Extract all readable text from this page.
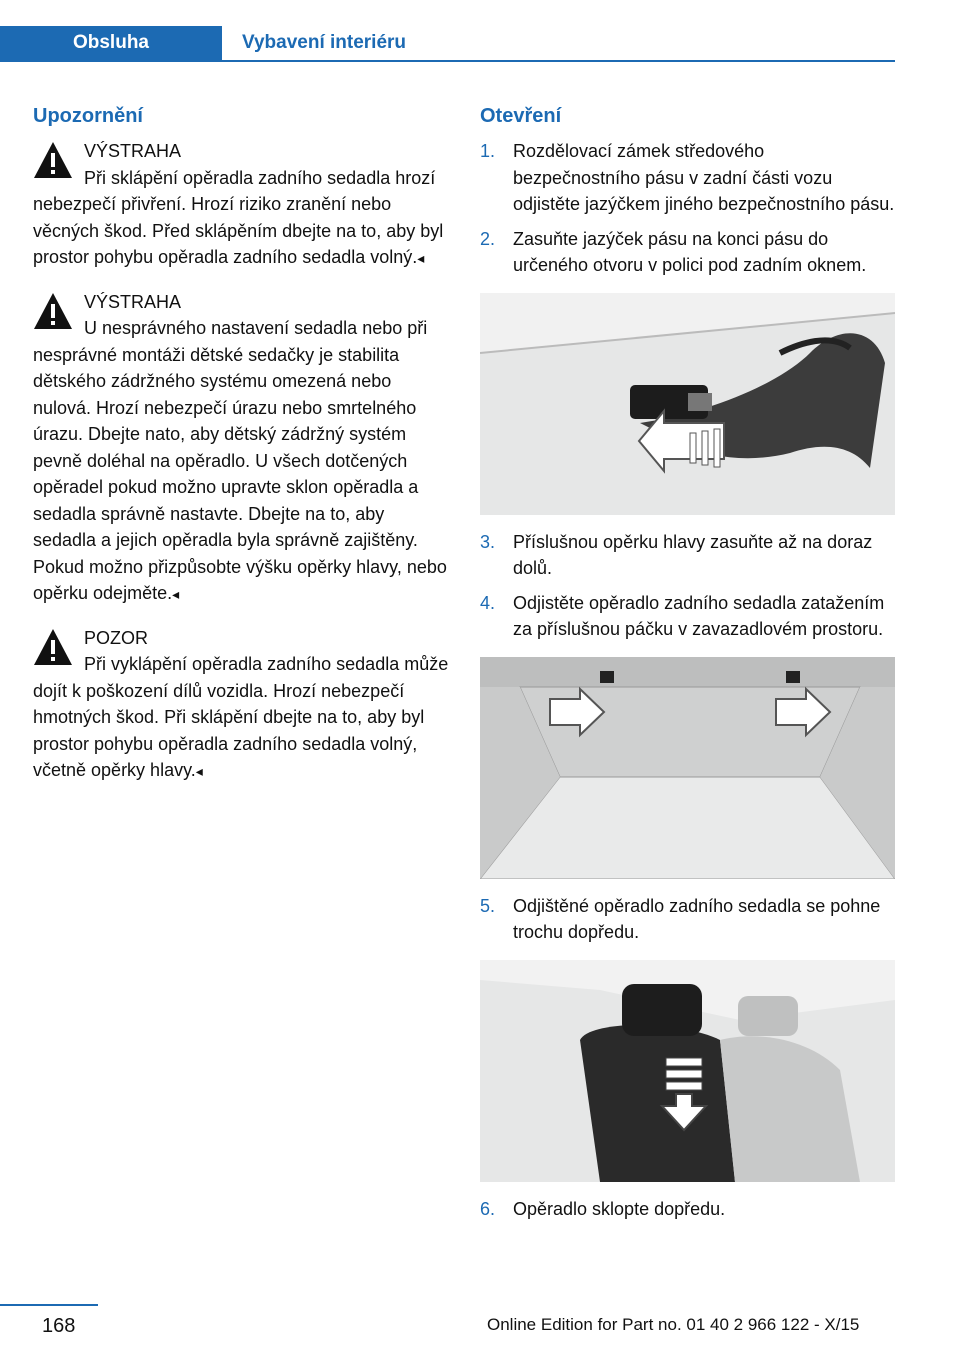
Obsluha	Vybavení interiéru
Upozornění
VÝSTRAHA
Při sklápění opěradla zadního sedadla hrozí nebezpečí přivření. Hrozí riziko zranění nebo věcných škod. Před sklápěním dbejte na to, aby byl prostor pohybu opěradla zadního sedadla volný.◂
VÝSTRAHA
U nesprávného nastavení sedadla nebo při nesprávné montáži dětské sedačky je stabilita dětského zádržného systému omezená nebo nulová. Hrozí nebezpečí úrazu nebo smrtelného úrazu. Dbejte nato, aby dětský zádržný systém pevně doléhal na opěradlo. U všech dotčených opěradel pokud možno upravte sklon opěradla a sedadla správně nastavte. Dbejte na to, aby sedadla a jejich opěradla byla správně zajištěny. Pokud možno přizpůsobte výšku opěrky hlavy, nebo opěrku odejměte.◂
POZOR
Při vyklápění opěradla zadního sedadla může dojít k poškození dílů vozidla. Hrozí nebezpečí hmotných škod. Při sklápění dbejte na to, aby byl prostor pohybu opěradla zadního sedadla volný, včetně opěrky hlavy.◂
Otevření
1. Rozdělovací zámek středového bezpečnostního pásu v zadní části vozu odjistěte jazýčkem jiného bezpečnostního pásu.
2. Zasuňte jazýček pásu na konci pásu do určeného otvoru v polici pod zadním oknem.
3. Příslušnou opěrku hlavy zasuňte až na doraz dolů.
4. Odjistěte opěradlo zadního sedadla zatažením za příslušnou páčku v zavazadlovém prostoru.
5. Odjištěné opěradlo zadního sedadla se pohne trochu dopředu.
6. Opěradlo sklopte dopředu.
168	Online Edition for Part no. 01 40 2 966 122 - X/15
